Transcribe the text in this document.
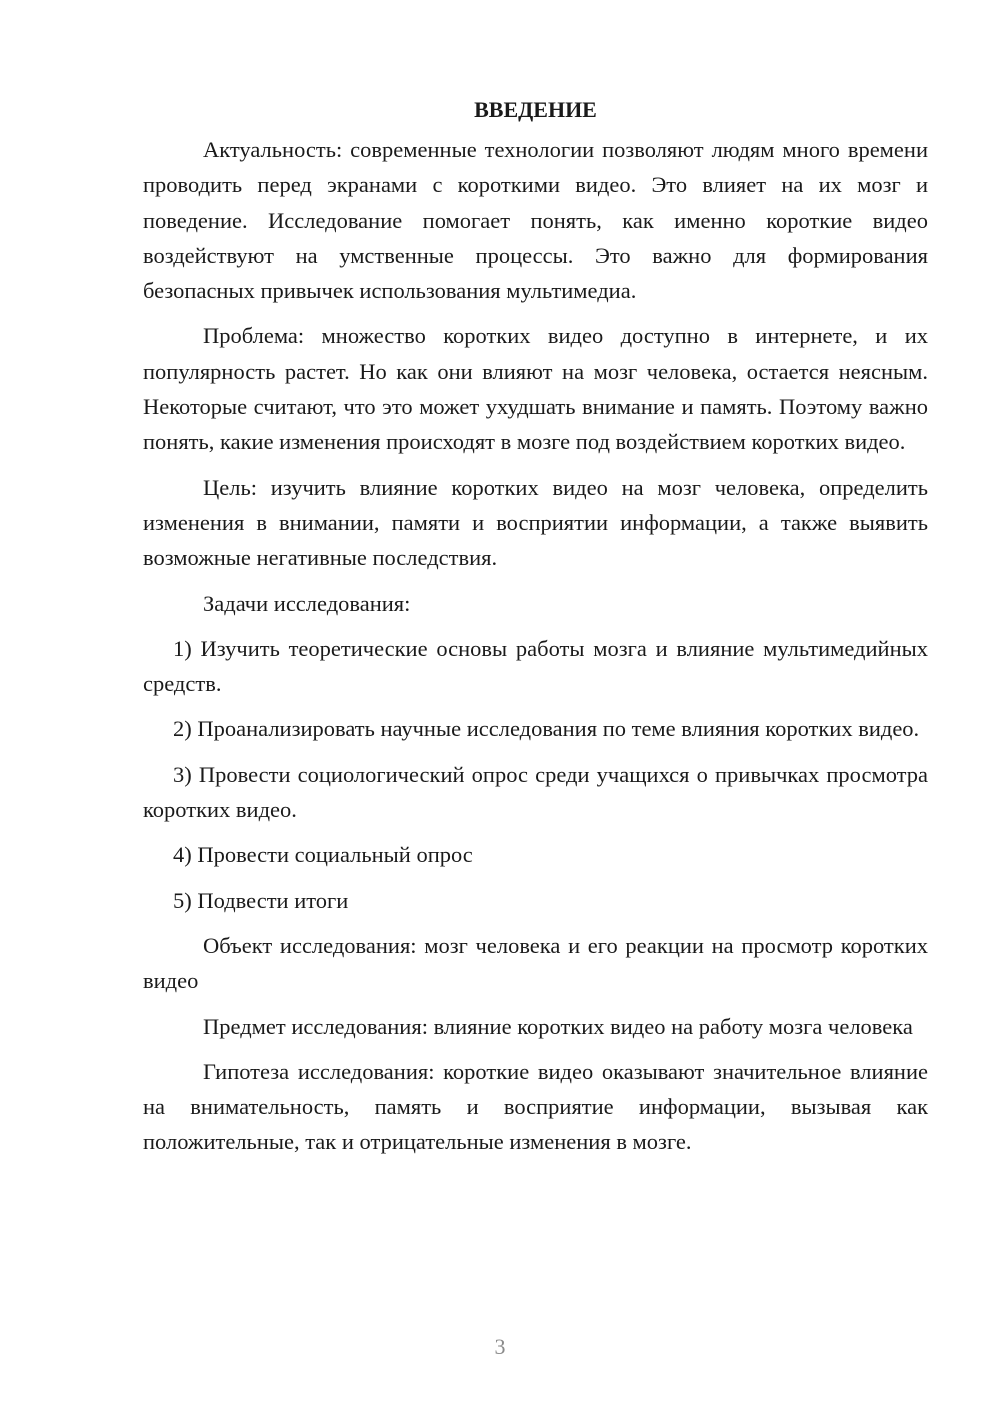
ВВЕДЕНИЕ

Актуальность: современные технологии позволяют людям много времени проводить перед экранами с короткими видео. Это влияет на их мозг и поведение. Исследование помогает понять, как именно короткие видео воздействуют на умственные процессы. Это важно для формирования безопасных привычек использования мультимедиа.

Проблема: множество коротких видео доступно в интернете, и их популярность растет. Но как они влияют на мозг человека, остается неясным. Некоторые считают, что это может ухудшать внимание и память. Поэтому важно понять, какие изменения происходят в мозге под воздействием коротких видео.

Цель: изучить влияние коротких видео на мозг человека, определить изменения в внимании, памяти и восприятии информации, а также выявить возможные негативные последствия.

Задачи исследования:

1) Изучить теоретические основы работы мозга и влияние мультимедийных средств.

2) Проанализировать научные исследования по теме влияния коротких видео.

3) Провести социологический опрос среди учащихся о привычках просмотра коротких видео.

4) Провести социальный опрос

5) Подвести итоги

Объект исследования: мозг человека и его реакции на просмотр коротких видео

Предмет исследования: влияние коротких видео на работу мозга человека

Гипотеза исследования: короткие видео оказывают значительное влияние на внимательность, память и восприятие информации, вызывая как положительные, так и отрицательные изменения в мозге.

3
